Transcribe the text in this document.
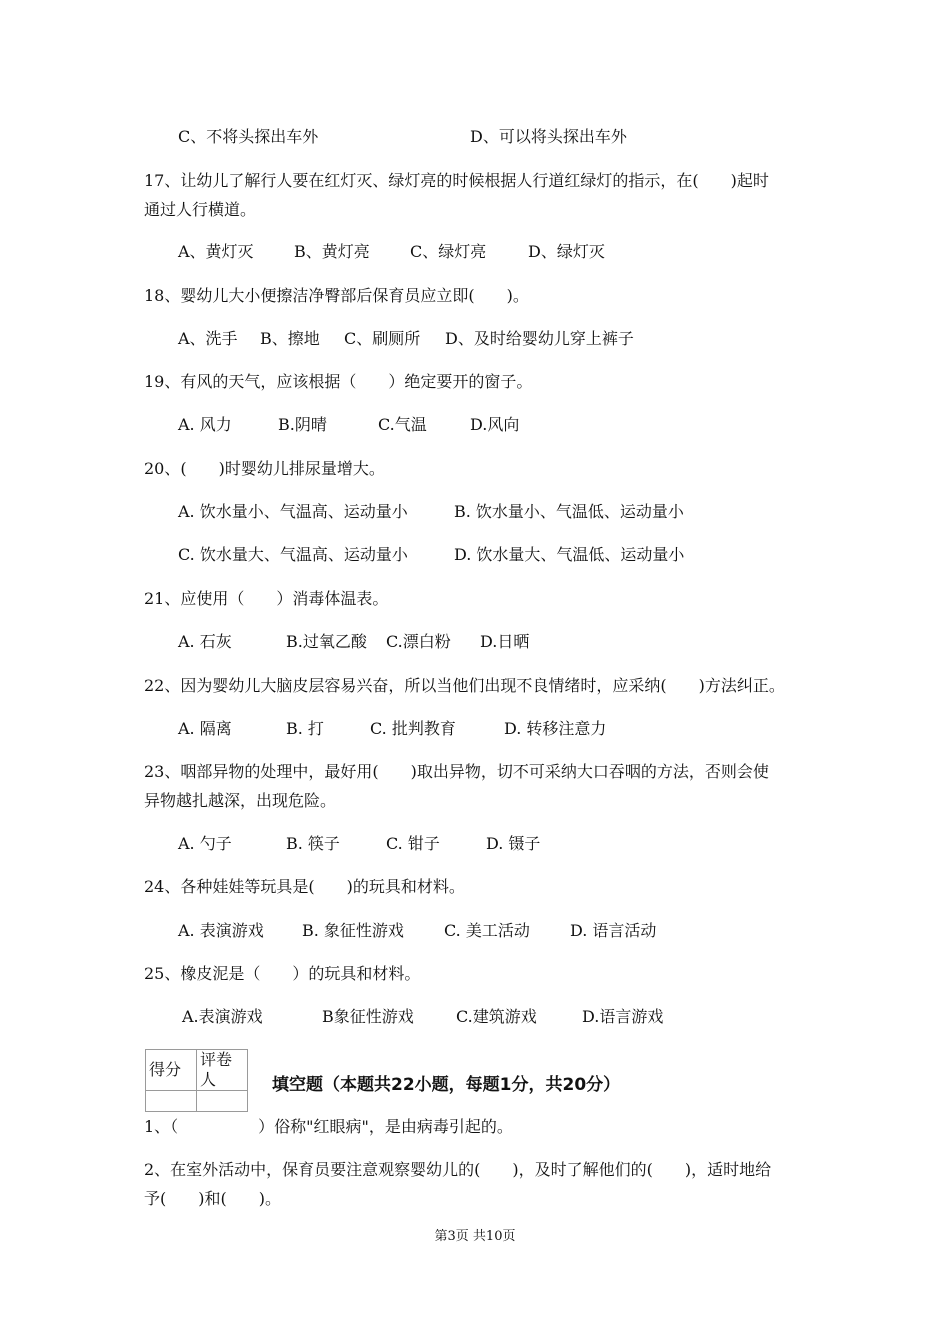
C、不将头探出车外	D、可以将头探出车外
17、让幼儿了解行人要在红灯灭、绿灯亮的时候根据人行道红绿灯的指示，在(　　)起时
通过人行横道。
A、黄灯灭	B、黄灯亮	C、绿灯亮	D、绿灯灭
18、婴幼儿大小便擦洁净臀部后保育员应立即(　　)。
A、洗手 B、擦地 C、刷厕所 D、及时给婴幼儿穿上裤子
19、有风的天气，应该根据（　　）绝定要开的窗子。
A. 风力	B.阴晴	C.气温	D.风向
20、(　　)时婴幼儿排尿量增大。
A. 饮水量小、气温高、运动量小	B. 饮水量小、气温低、运动量小
C. 饮水量大、气温高、运动量小	D. 饮水量大、气温低、运动量小
21、应使用（　　）消毒体温表。
A. 石灰	B.过氧乙酸 C.漂白粉 D.日晒
22、因为婴幼儿大脑皮层容易兴奋，所以当他们出现不良情绪时，应采纳(　　)方法纠正。
A. 隔离	B. 打	C. 批判教育	D. 转移注意力
23、咽部异物的处理中，最好用(　　)取出异物，切不可采纳大口吞咽的方法，否则会使
异物越扎越深，出现危险。
A. 勺子	B. 筷子	C. 钳子	D. 镊子
24、各种娃娃等玩具是(　　)的玩具和材料。
A. 表演游戏 B. 象征性游戏	C. 美工活动	D. 语言活动
25、橡皮泥是（　　）的玩具和材料。
A.表演游戏	B象征性游戏	C.建筑游戏	D.语言游戏
得分	评卷人
		填空题（本题共22小题，每题1分，共20分）
1、（　　　　　）俗称"红眼病"，是由病毒引起的。
2、在室外活动中，保育员要注意观察婴幼儿的(　　)，及时了解他们的(　　)，适时地给
予(　　)和(　　)。
第3页 共10页
